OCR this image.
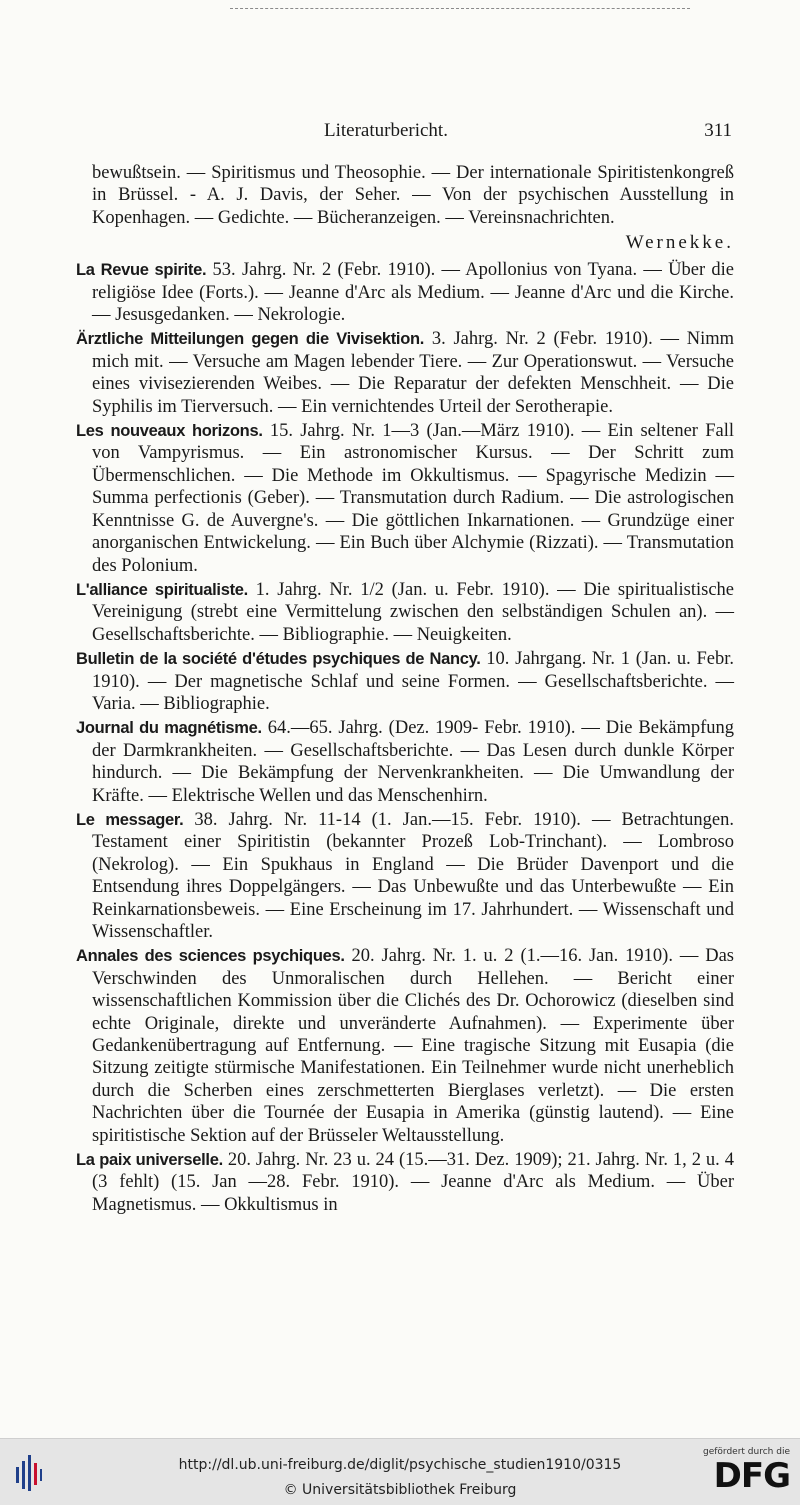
Literaturbericht.	311

bewußtsein. — Spiritismus und Theosophie. — Der internationale Spiritistenkongreß in Brüssel. - A. J. Davis, der Seher. — Von der psychischen Ausstellung in Kopenhagen. — Gedichte. — Bücheranzeigen. — Vereinsnachrichten.

Wernekke.

La Revue spirite. 53. Jahrg. Nr. 2 (Febr. 1910). — Apollonius von Tyana. — Über die religiöse Idee (Forts.). — Jeanne d'Arc als Medium. — Jeanne d'Arc und die Kirche. — Jesusgedanken. — Nekrologie.

Ärztliche Mitteilungen gegen die Vivisektion. 3. Jahrg. Nr. 2 (Febr. 1910). — Nimm mich mit. — Versuche am Magen lebender Tiere. — Zur Operationswut. — Versuche eines vivisezierenden Weibes. — Die Reparatur der defekten Menschheit. — Die Syphilis im Tierversuch. — Ein vernichtendes Urteil der Serotherapie.

Les nouveaux horizons. 15. Jahrg. Nr. 1—3 (Jan.—März 1910). — Ein seltener Fall von Vampyrismus. — Ein astronomischer Kursus. — Der Schritt zum Übermenschlichen. — Die Methode im Okkultismus. — Spagyrische Medizin — Summa perfectionis (Geber). — Transmutation durch Radium. — Die astrologischen Kenntnisse G. de Auvergne's. — Die göttlichen Inkarnationen. — Grundzüge einer anorganischen Entwickelung. — Ein Buch über Alchymie (Rizzati). — Transmutation des Polonium.

L'alliance spiritualiste. 1. Jahrg. Nr. 1/2 (Jan. u. Febr. 1910). — Die spiritualistische Vereinigung (strebt eine Vermittelung zwischen den selbständigen Schulen an). — Gesellschaftsberichte. — Bibliographie. — Neuigkeiten.

Bulletin de la société d'études psychiques de Nancy. 10. Jahrgang. Nr. 1 (Jan. u. Febr. 1910). — Der magnetische Schlaf und seine Formen. — Gesellschaftsberichte. — Varia. — Bibliographie.

Journal du magnétisme. 64.—65. Jahrg. (Dez. 1909- Febr. 1910). — Die Bekämpfung der Darmkrankheiten. — Gesellschaftsberichte. — Das Lesen durch dunkle Körper hindurch. — Die Bekämpfung der Nervenkrankheiten. — Die Umwandlung der Kräfte. — Elektrische Wellen und das Menschenhirn.

Le messager. 38. Jahrg. Nr. 11-14 (1. Jan.—15. Febr. 1910). — Betrachtungen. Testament einer Spiritistin (bekannter Prozeß Lob-Trinchant). — Lombroso (Nekrolog). — Ein Spukhaus in England — Die Brüder Davenport und die Entsendung ihres Doppelgängers. — Das Unbewußte und das Unterbewußte — Ein Reinkarnationsbeweis. — Eine Erscheinung im 17. Jahrhundert. — Wissenschaft und Wissenschaftler.

Annales des sciences psychiques. 20. Jahrg. Nr. 1. u. 2 (1.—16. Jan. 1910). — Das Verschwinden des Unmoralischen durch Hellehen. — Bericht einer wissenschaftlichen Kommission über die Clichés des Dr. Ochorowicz (dieselben sind echte Originale, direkte und unveränderte Aufnahmen). — Experimente über Gedankenübertragung auf Entfernung. — Eine tragische Sitzung mit Eusapia (die Sitzung zeitigte stürmische Manifestationen. Ein Teilnehmer wurde nicht unerheblich durch die Scherben eines zerschmetterten Bierglases verletzt). — Die ersten Nachrichten über die Tournée der Eusapia in Amerika (günstig lautend). — Eine spiritistische Sektion auf der Brüsseler Weltausstellung.

La paix universelle. 20. Jahrg. Nr. 23 u. 24 (15.—31. Dez. 1909); 21. Jahrg. Nr. 1, 2 u. 4 (3 fehlt) (15. Jan —28. Febr. 1910). — Jeanne d'Arc als Medium. — Über Magnetismus. — Okkultismus in

http://dl.ub.uni-freiburg.de/diglit/psychische_studien1910/0315
© Universitätsbibliothek Freiburg
gefördert durch die
DFG
